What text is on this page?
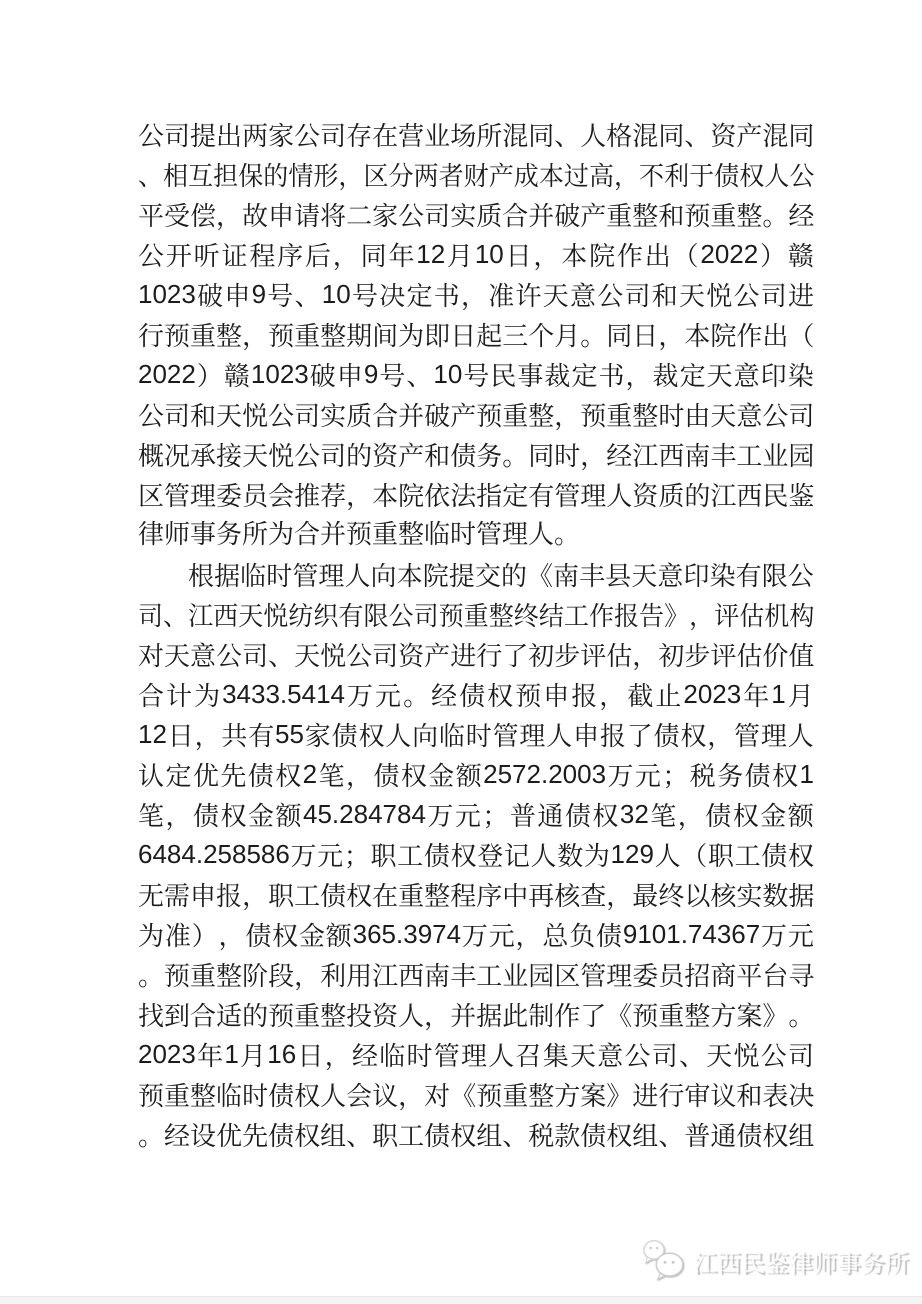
公 司 提 出 两 家 公 司 存 在 营 业 场 所 混 同 、 人 格 混 同 、 资 产 混 同
、 相 互 担 保 的 情 形 ， 区 分 两 者 财 产 成 本 过 高 ， 不 利 于 债 权 人 公
平 受 偿 ， 故 申 请 将 二 家 公 司 实 质 合 并 破 产 重 整 和 预 重 整 。 经
公 开 听 证 程 序 后 ， 同 年 12 月 10 日 ， 本 院 作 出 （ 2022 ） 赣
1023 破 申 9 号 、 10 号 决 定 书 ， 准 许 天 意 公 司 和 天 悦 公 司 进
行 预 重 整 ， 预 重 整 期 间 为 即 日 起 三 个 月 。 同 日 ， 本 院 作 出 （
2022 ） 赣 1023 破 申 9 号 、 10 号 民 事 裁 定 书 ， 裁 定 天 意 印 染
公 司 和 天 悦 公 司 实 质 合 并 破 产 预 重 整 ， 预 重 整 时 由 天 意 公 司
概 况 承 接 天 悦 公 司 的 资 产 和 债 务 。 同 时 ， 经 江 西 南 丰 工 业 园
区 管 理 委 员 会 推 荐 ， 本 院 依 法 指 定 有 管 理 人 资 质 的 江 西 民 鉴
律师事务所为合并预重整临时管理人。
根 据 临 时 管 理 人 向 本 院 提 交 的 《 南 丰 县 天 意 印 染 有 限 公
司 、 江 西 天 悦 纺 织 有 限 公 司 预 重 整 终 结 工 作 报 告 》 ， 评 估 机 构
对 天 意 公 司 、 天 悦 公 司 资 产 进 行 了 初 步 评 估 ， 初 步 评 估 价 值
合 计 为 3433.5414 万 元 。 经 债 权 预 申 报 ， 截 止 2023 年 1 月
12 日 ， 共 有 55 家 债 权 人 向 临 时 管 理 人 申 报 了 债 权 ， 管 理 人
认 定 优 先 债 权 2 笔 ， 债 权 金 额 2572.2003 万 元 ； 税 务 债 权 1
笔 ， 债 权 金 额 45.284784 万 元 ； 普 通 债 权 32 笔 ， 债 权 金 额
6484.258586 万 元 ； 职 工 债 权 登 记 人 数 为 129 人 （ 职 工 债 权
无 需 申 报 ， 职 工 债 权 在 重 整 程 序 中 再 核 查 ， 最 终 以 核 实 数 据
为 准 ） ， 债 权 金 额 365.3974 万 元 ， 总 负 债 9101.74367 万 元
。 预 重 整 阶 段 ， 利 用 江 西 南 丰 工 业 园 区 管 理 委 员 招 商 平 台 寻
找 到 合 适 的 预 重 整 投 资 人 ， 并 据 此 制 作 了 《 预 重 整 方 案 》 。
2023 年 1 月 16 日 ， 经 临 时 管 理 人 召 集 天 意 公 司 、 天 悦 公 司
预 重 整 临 时 债 权 人 会 议 ， 对 《 预 重 整 方 案 》 进 行 审 议 和 表 决
。 经 设 优 先 债 权 组 、 职 工 债 权 组 、 税 款 债 权 组 、 普 通 债 权 组
江西民鉴律师事务所
